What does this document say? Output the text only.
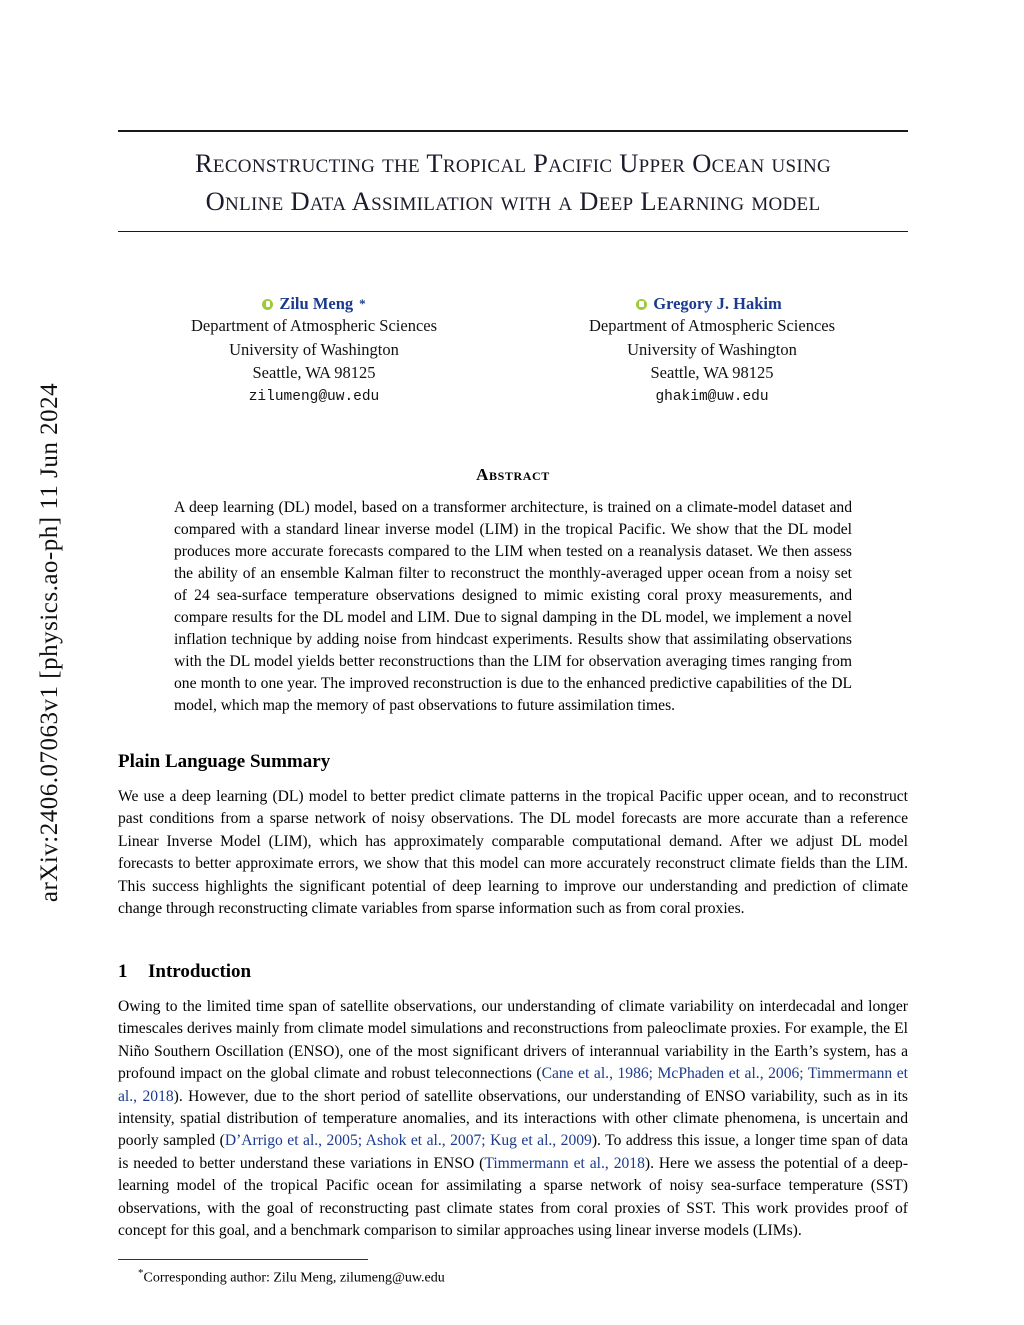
arXiv:2406.07063v1 [physics.ao-ph] 11 Jun 2024
Reconstructing the Tropical Pacific Upper Ocean using
Online Data Assimilation with a Deep Learning model
Zilu Meng *
Department of Atmospheric Sciences
University of Washington
Seattle, WA 98125
zilumeng@uw.edu
Gregory J. Hakim
Department of Atmospheric Sciences
University of Washington
Seattle, WA 98125
ghakim@uw.edu
Abstract
A deep learning (DL) model, based on a transformer architecture, is trained on a climate-model dataset and compared with a standard linear inverse model (LIM) in the tropical Pacific. We show that the DL model produces more accurate forecasts compared to the LIM when tested on a reanalysis dataset. We then assess the ability of an ensemble Kalman filter to reconstruct the monthly-averaged upper ocean from a noisy set of 24 sea-surface temperature observations designed to mimic existing coral proxy measurements, and compare results for the DL model and LIM. Due to signal damping in the DL model, we implement a novel inflation technique by adding noise from hindcast experiments. Results show that assimilating observations with the DL model yields better reconstructions than the LIM for observation averaging times ranging from one month to one year. The improved reconstruction is due to the enhanced predictive capabilities of the DL model, which map the memory of past observations to future assimilation times.
Plain Language Summary
We use a deep learning (DL) model to better predict climate patterns in the tropical Pacific upper ocean, and to reconstruct past conditions from a sparse network of noisy observations. The DL model forecasts are more accurate than a reference Linear Inverse Model (LIM), which has approximately comparable computational demand. After we adjust DL model forecasts to better approximate errors, we show that this model can more accurately reconstruct climate fields than the LIM. This success highlights the significant potential of deep learning to improve our understanding and prediction of climate change through reconstructing climate variables from sparse information such as from coral proxies.
1 Introduction
Owing to the limited time span of satellite observations, our understanding of climate variability on interdecadal and longer timescales derives mainly from climate model simulations and reconstructions from paleoclimate proxies. For example, the El Niño Southern Oscillation (ENSO), one of the most significant drivers of interannual variability in the Earth’s system, has a profound impact on the global climate and robust teleconnections (Cane et al., 1986; McPhaden et al., 2006; Timmermann et al., 2018). However, due to the short period of satellite observations, our understanding of ENSO variability, such as in its intensity, spatial distribution of temperature anomalies, and its interactions with other climate phenomena, is uncertain and poorly sampled (D’Arrigo et al., 2005; Ashok et al., 2007; Kug et al., 2009). To address this issue, a longer time span of data is needed to better understand these variations in ENSO (Timmermann et al., 2018). Here we assess the potential of a deep-learning model of the tropical Pacific ocean for assimilating a sparse network of noisy sea-surface temperature (SST) observations, with the goal of reconstructing past climate states from coral proxies of SST. This work provides proof of concept for this goal, and a benchmark comparison to similar approaches using linear inverse models (LIMs).
*Corresponding author: Zilu Meng, zilumeng@uw.edu
